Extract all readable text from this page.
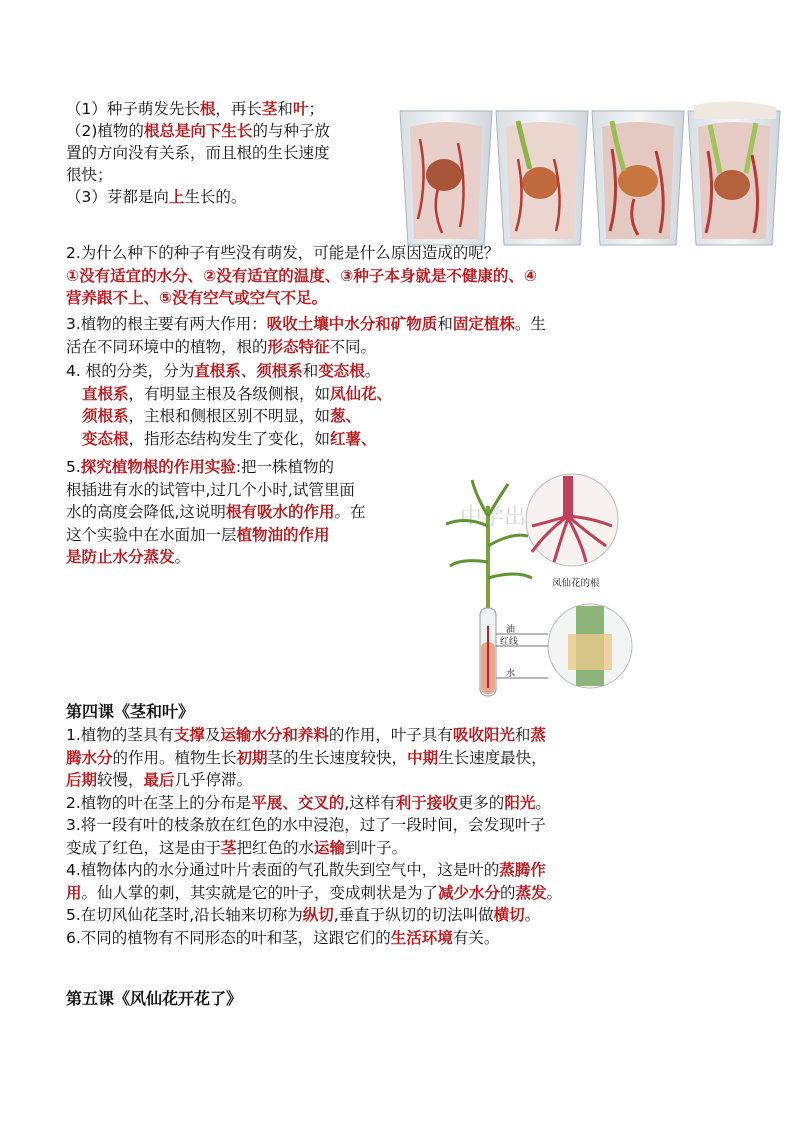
（1）种子萌发先长根，再长茎和叶；
（2)植物的根总是向下生长的与种子放
置的方向没有关系，而且根的生长速度
很快；
（3）芽都是向上生长的。
2.为什么种下的种子有些没有萌发，可能是什么原因造成的呢？
①没有适宜的水分、②没有适宜的温度、③种子本身就是不健康的、④
营养跟不上、⑤没有空气或空气不足。
3.植物的根主要有两大作用：吸收土壤中水分和矿物质和固定植株。生
活在不同环境中的植物，根的形态特征不同。
4. 根的分类，分为直根系、须根系和变态根。
直根系，有明显主根及各级侧根，如凤仙花、
须根系，主根和侧根区别不明显，如葱、
变态根，指形态结构发生了变化，如红薯、
5.探究植物根的作用实验:把一株植物的
根插进有水的试管中,过几个小时,试管里面
水的高度会降低,这说明根有吸水的作用。在
这个实验中在水面加一层植物油的作用
是防止水分蒸发。
中学出
凤仙花的根
油
红线
水
第四课《茎和叶》
1.植物的茎具有支撑及运输水分和养料的作用，叶子具有吸收阳光和蒸
腾水分的作用。植物生长初期茎的生长速度较快，中期生长速度最快，
后期较慢，最后几乎停滞。
2.植物的叶在茎上的分布是平展、交叉的,这样有利于接收更多的阳光。
3.将一段有叶的枝条放在红色的水中浸泡，过了一段时间，会发现叶子
变成了红色，这是由于茎把红色的水运输到叶子。
4.植物体内的水分通过叶片表面的气孔散失到空气中，这是叶的蒸腾作
用。仙人掌的刺，其实就是它的叶子，变成刺状是为了减少水分的蒸发。
5.在切风仙花茎时,沿长轴来切称为纵切,垂直于纵切的切法叫做横切。
6.不同的植物有不同形态的叶和茎，这跟它们的生活环境有关。
第五课《风仙花开花了》
